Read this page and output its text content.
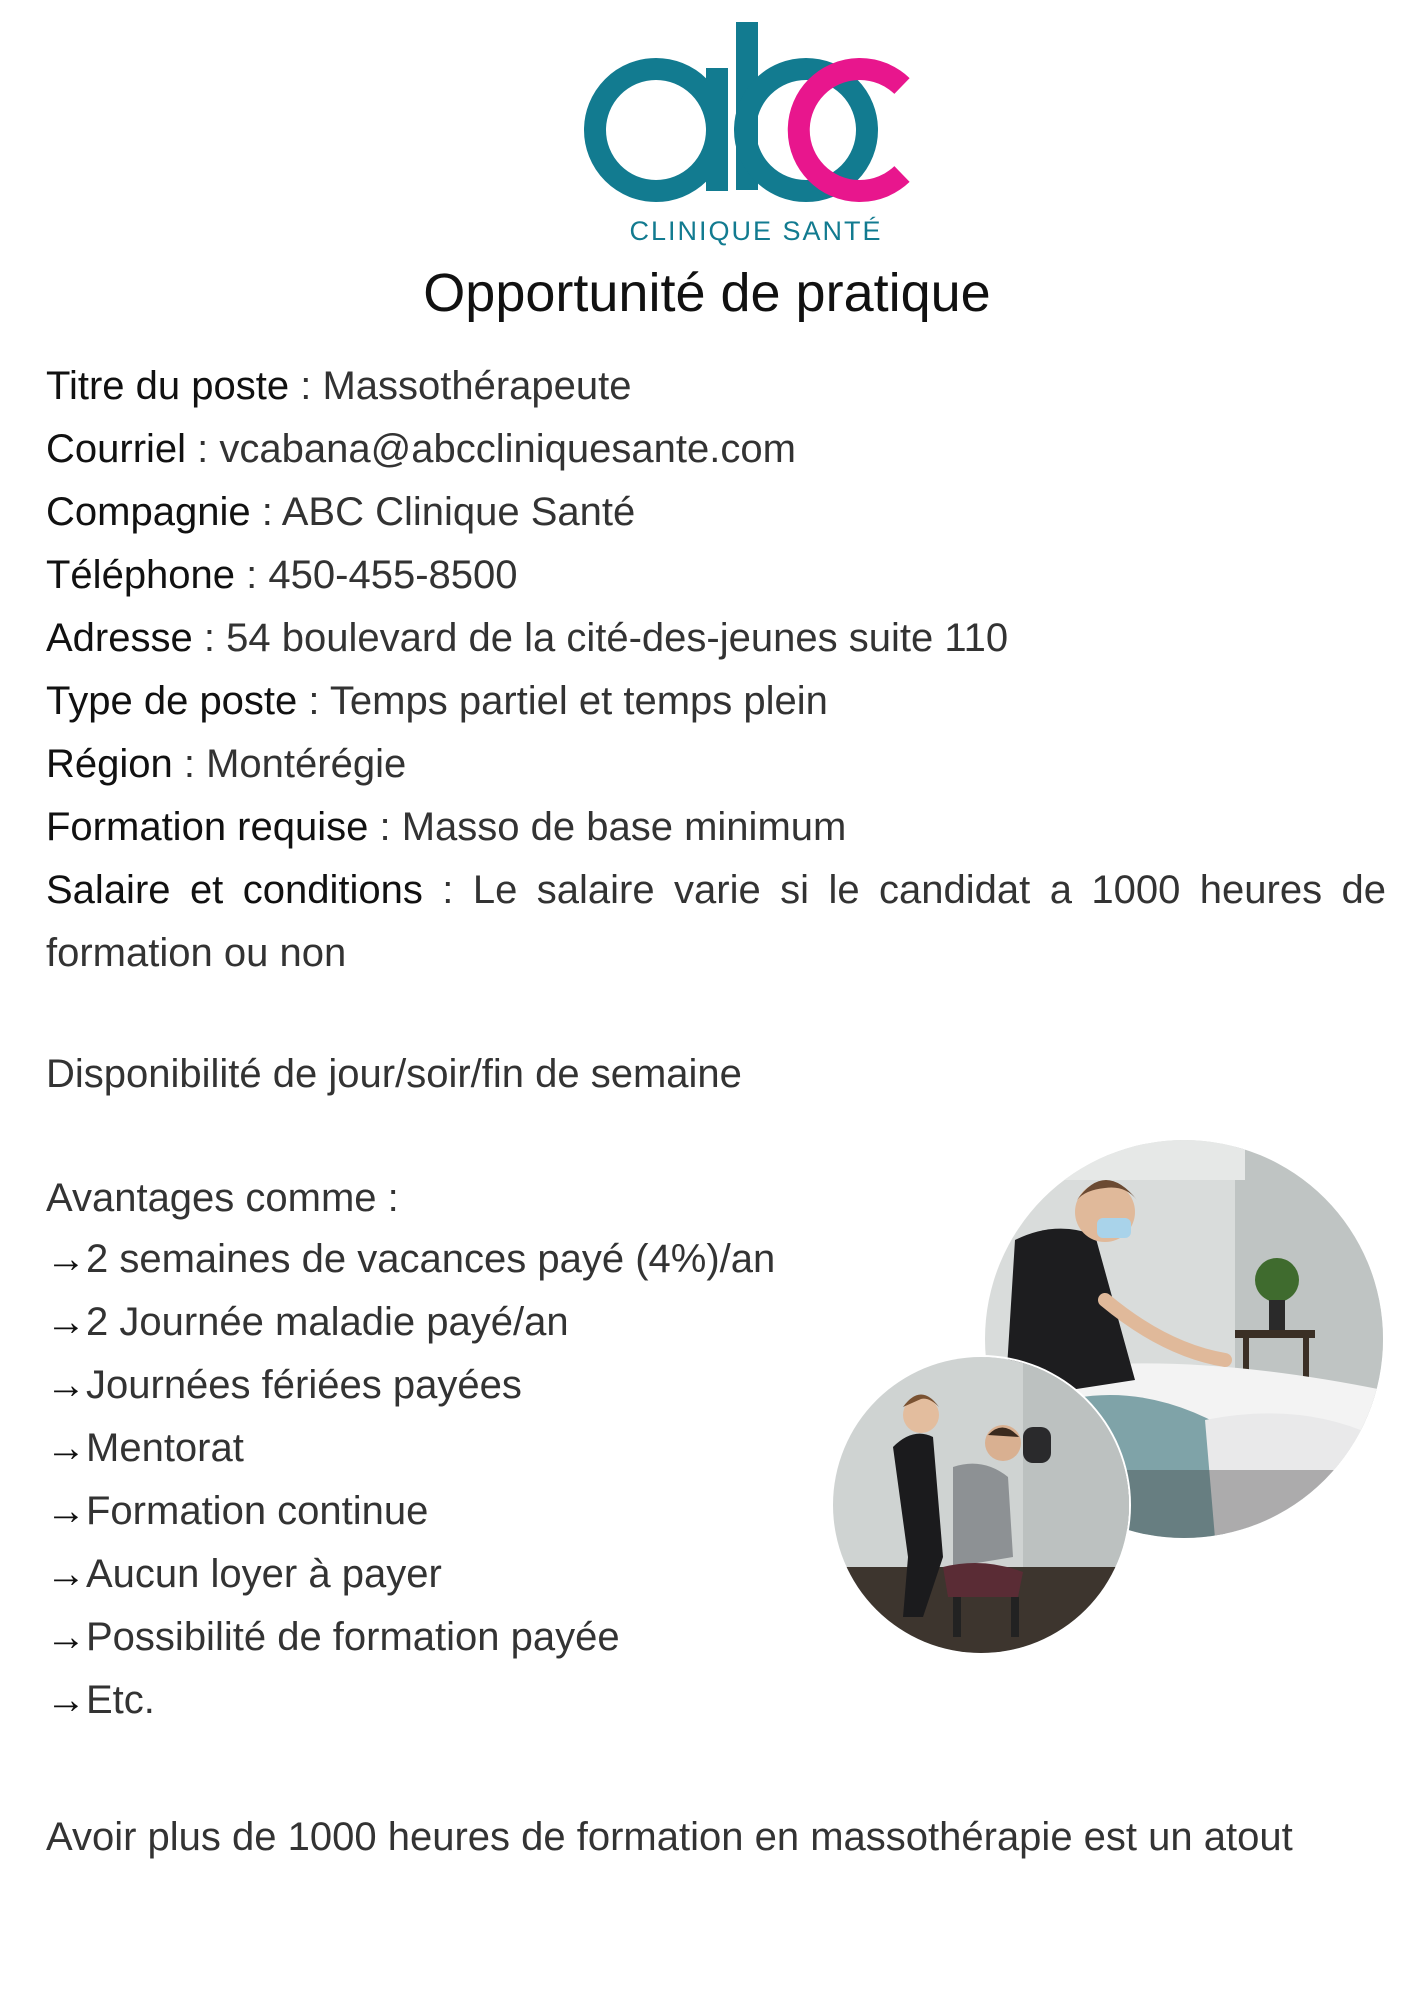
CLINIQUE SANTÉ
Opportunité de pratique
Titre du poste : Massothérapeute
Courriel : vcabana@abccliniquesante.com
Compagnie : ABC Clinique Santé
Téléphone : 450-455-8500
Adresse : 54 boulevard de la cité-des-jeunes suite 110
Type de poste : Temps partiel et temps plein
Région : Montérégie
Formation requise : Masso de base minimum
Salaire et conditions : Le salaire varie si le candidat a 1000 heures de formation ou non
Disponibilité de jour/soir/fin de semaine
Avantages comme :
→2 semaines de vacances payé (4%)/an
→2 Journée maladie payé/an
→Journées fériées payées
→Mentorat
→Formation continue
→Aucun loyer à payer
→Possibilité de formation payée
→Etc.
Avoir plus de 1000 heures de formation en massothérapie est un atout
